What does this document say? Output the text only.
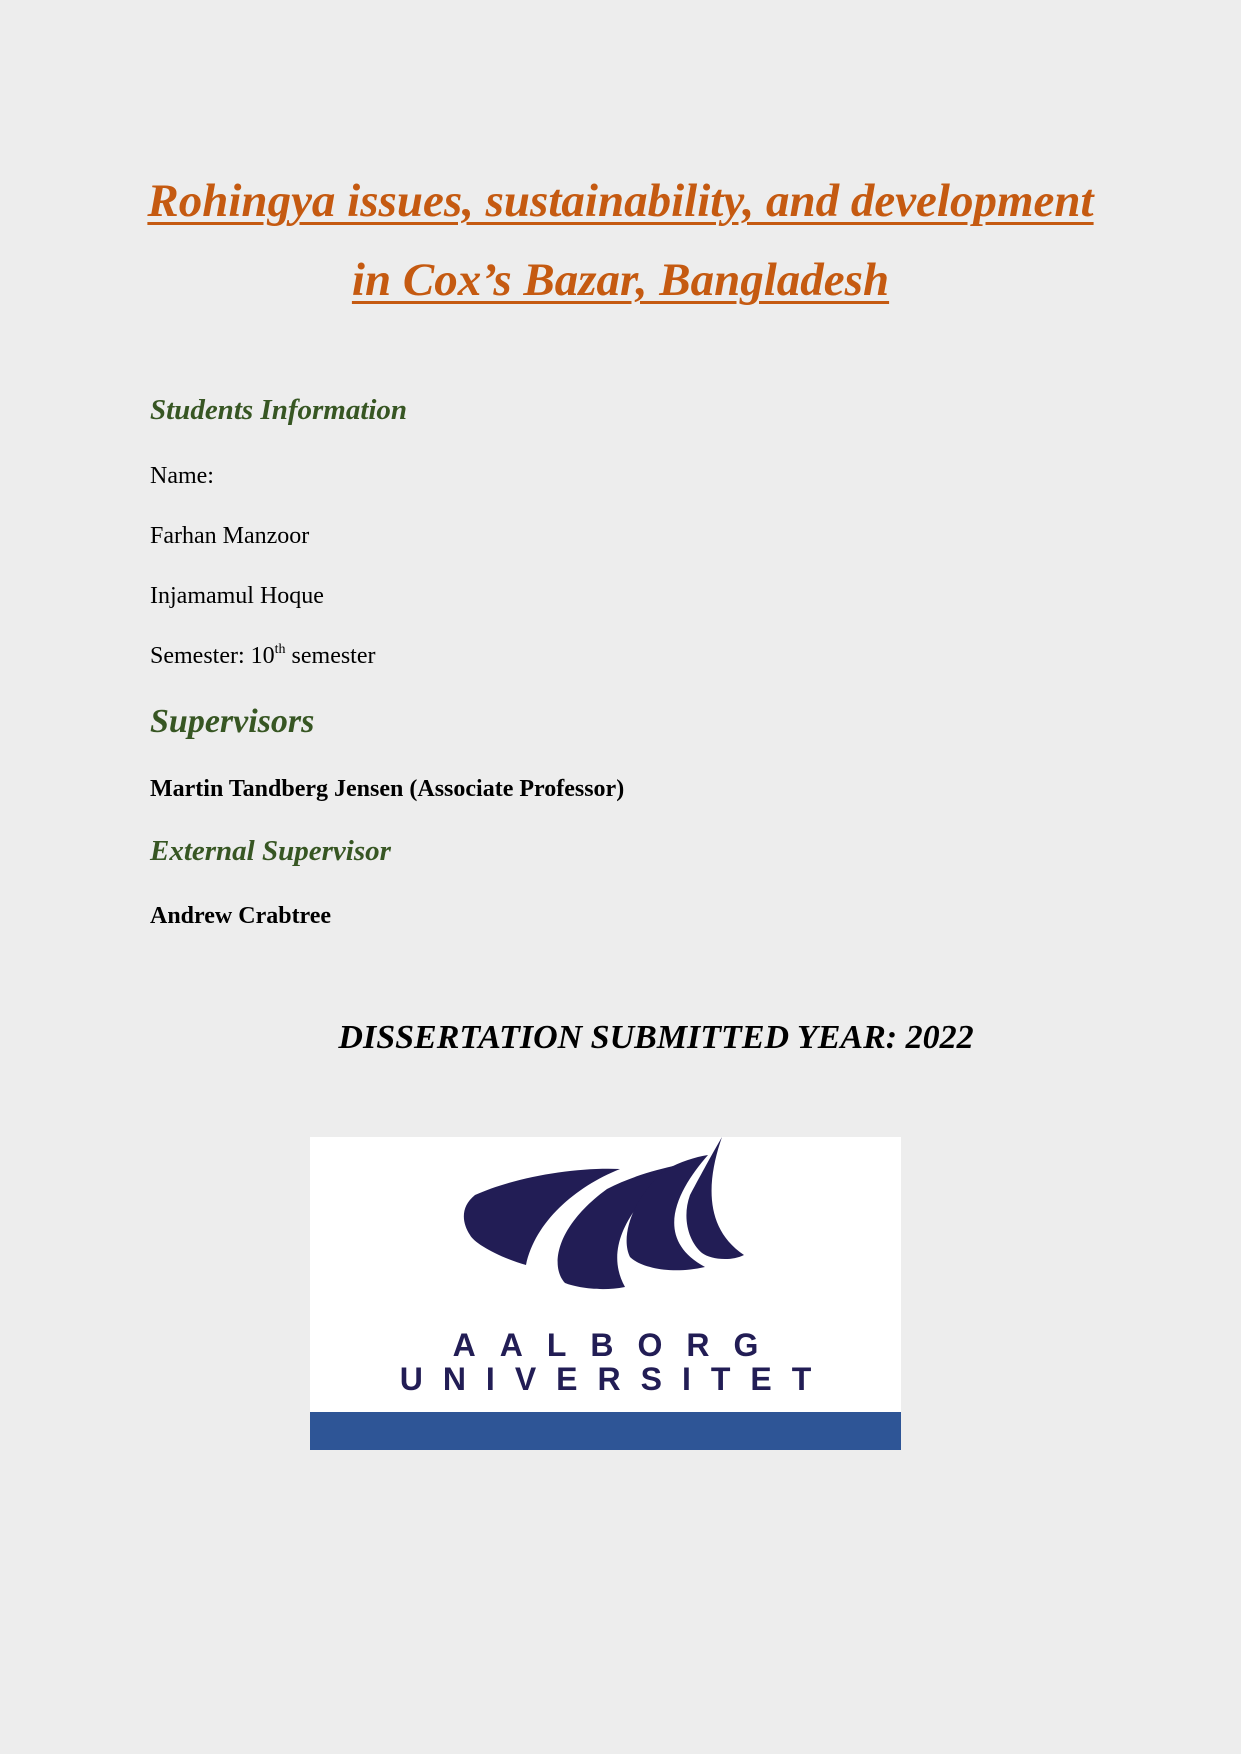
Rohingya issues, sustainability, and development
in Cox’s Bazar, Bangladesh
Students Information
Name:
Farhan Manzoor
Injamamul Hoque
Semester: 10th semester
Supervisors
Martin Tandberg Jensen (Associate Professor)
External Supervisor
Andrew Crabtree
DISSERTATION SUBMITTED YEAR: 2022
AALBORG
UNIVERSITET
